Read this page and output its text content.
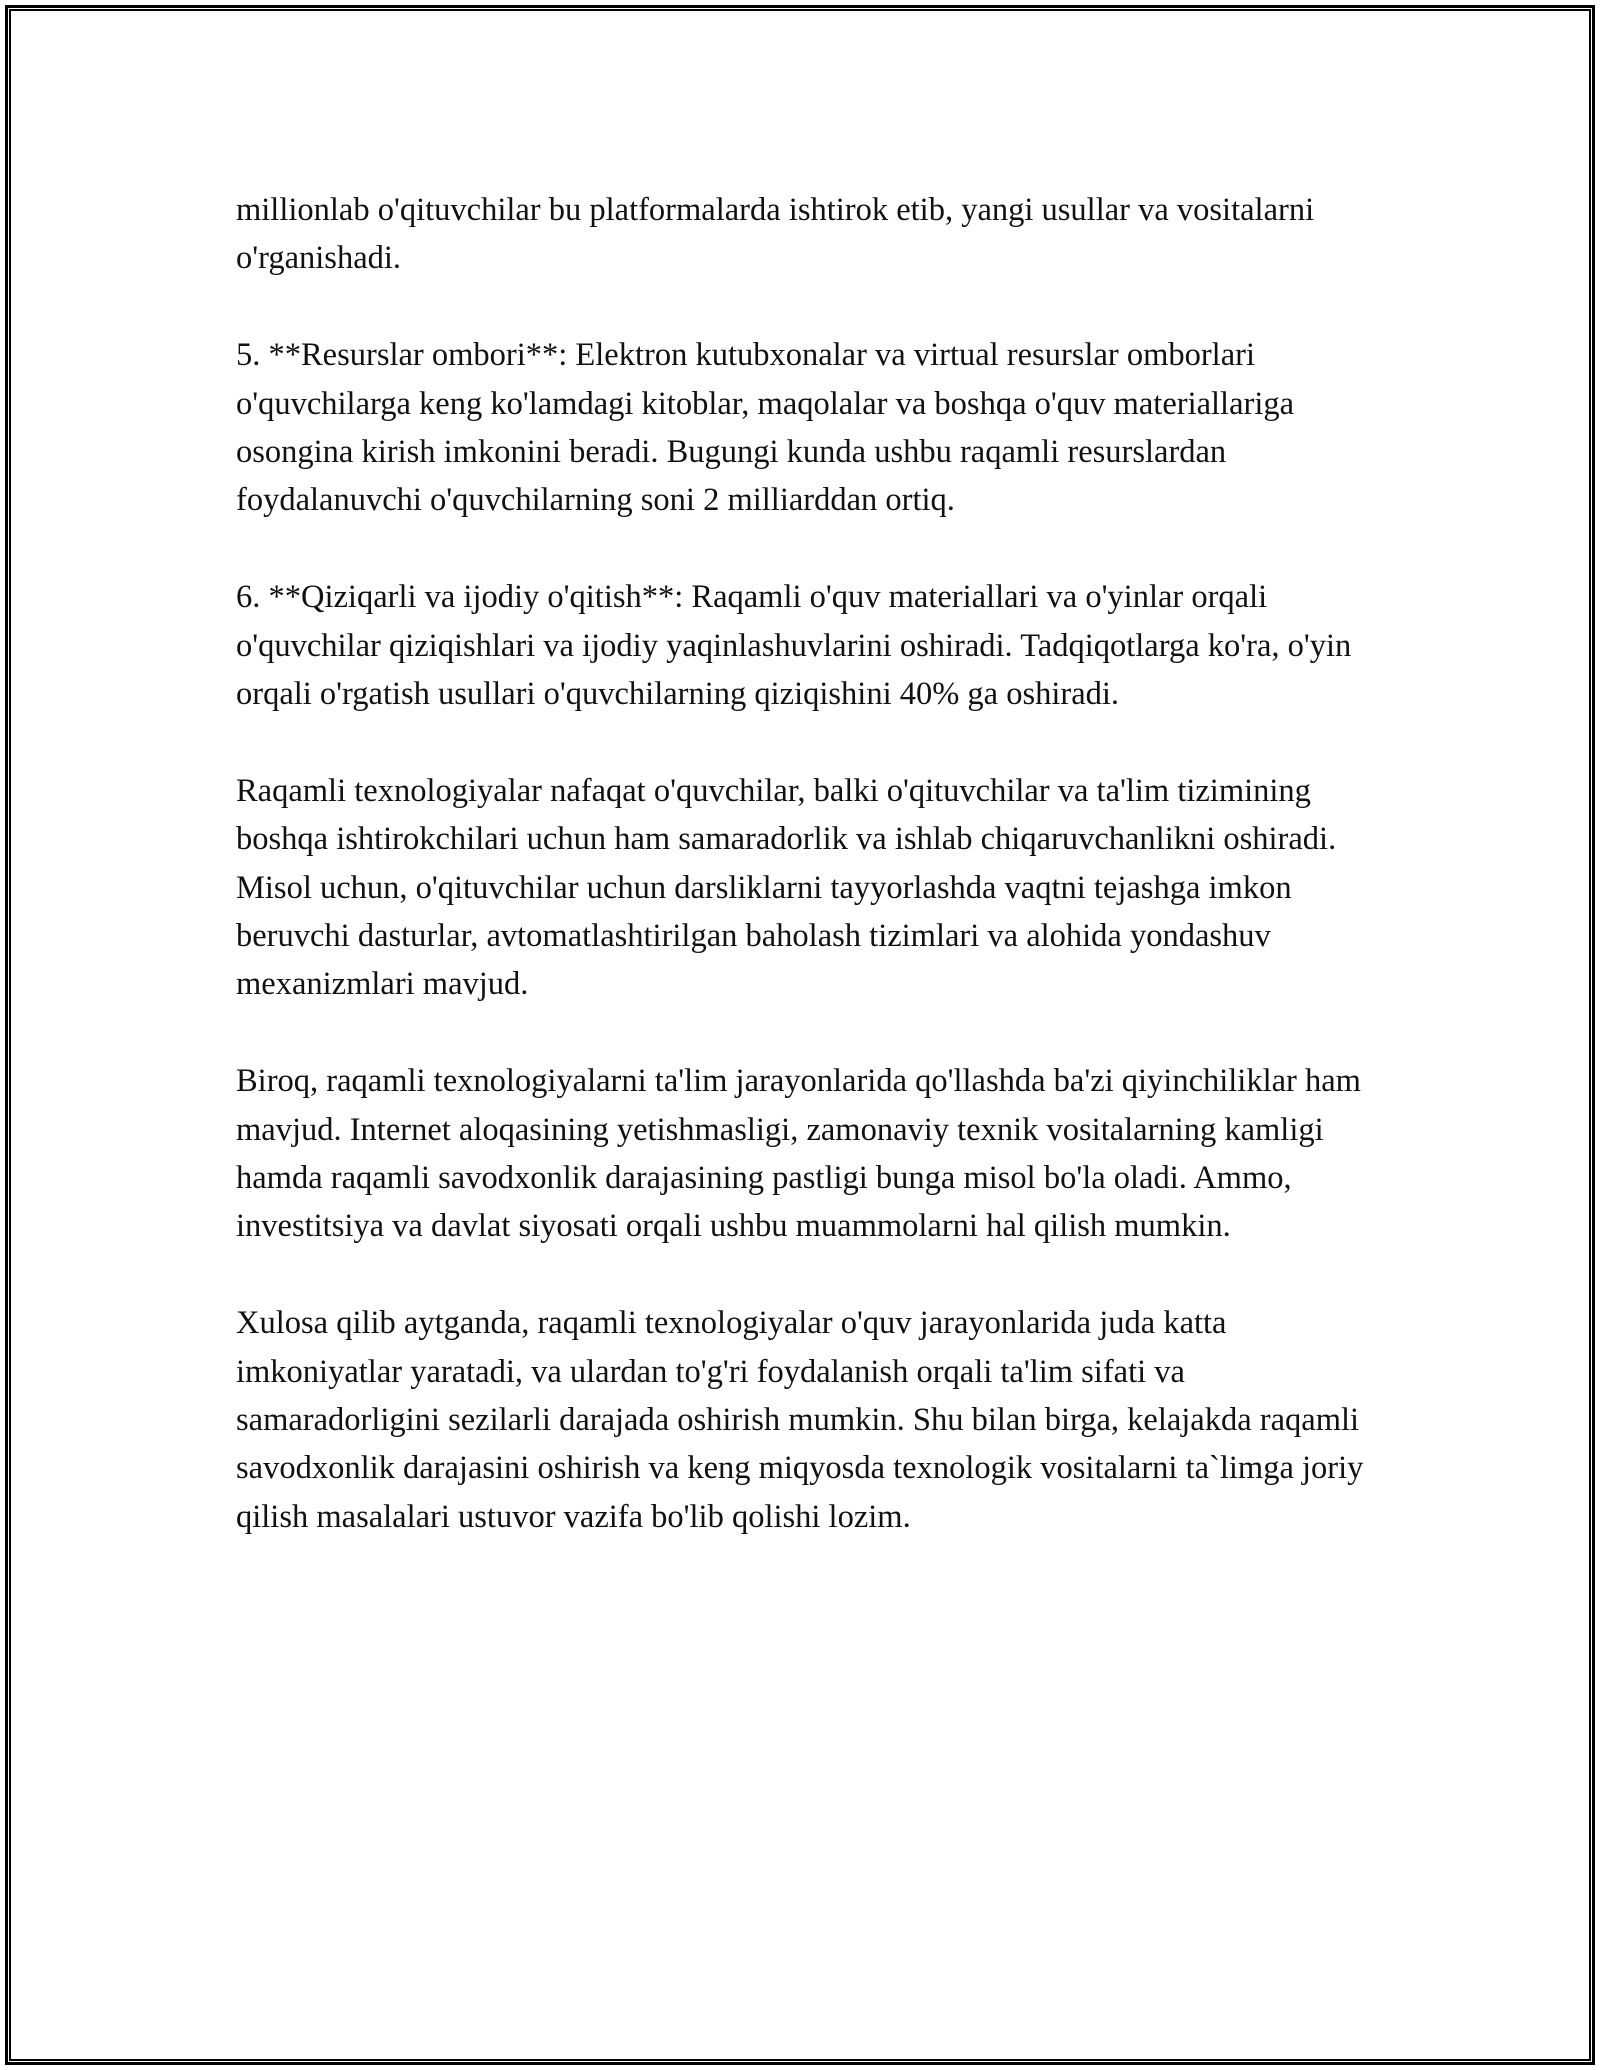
millionlab o'qituvchilar bu platformalarda ishtirok etib, yangi usullar va vositalarni o'rganishadi.

5. **Resurslar ombori**: Elektron kutubxonalar va virtual resurslar omborlari o'quvchilarga keng ko'lamdagi kitoblar, maqolalar va boshqa o'quv materiallariga osongina kirish imkonini beradi. Bugungi kunda ushbu raqamli resurslardan foydalanuvchi o'quvchilarning soni 2 milliarddan ortiq.

6. **Qiziqarli va ijodiy o'qitish**: Raqamli o'quv materiallari va o'yinlar orqali o'quvchilar qiziqishlari va ijodiy yaqinlashuvlarini oshiradi. Tadqiqotlarga ko'ra, o'yin orqali o'rgatish usullari o'quvchilarning qiziqishini 40% ga oshiradi.

Raqamli texnologiyalar nafaqat o'quvchilar, balki o'qituvchilar va ta'lim tizimining boshqa ishtirokchilari uchun ham samaradorlik va ishlab chiqaruvchanlikni oshiradi. Misol uchun, o'qituvchilar uchun darsliklarni tayyorlashda vaqtni tejashga imkon beruvchi dasturlar, avtomatlashtirilgan baholash tizimlari va alohida yondashuv mexanizmlari mavjud.

Biroq, raqamli texnologiyalarni ta'lim jarayonlarida qo'llashda ba'zi qiyinchiliklar ham mavjud. Internet aloqasining yetishmasligi, zamonaviy texnik vositalarning kamligi hamda raqamli savodxonlik darajasining pastligi bunga misol bo'la oladi. Ammo, investitsiya va davlat siyosati orqali ushbu muammolarni hal qilish mumkin.

Xulosa qilib aytganda, raqamli texnologiyalar o'quv jarayonlarida juda katta imkoniyatlar yaratadi, va ulardan to'g'ri foydalanish orqali ta'lim sifati va samaradorligini sezilarli darajada oshirish mumkin. Shu bilan birga, kelajakda raqamli savodxonlik darajasini oshirish va keng miqyosda texnologik vositalarni ta`limga joriy qilish masalalari ustuvor vazifa bo'lib qolishi lozim.
